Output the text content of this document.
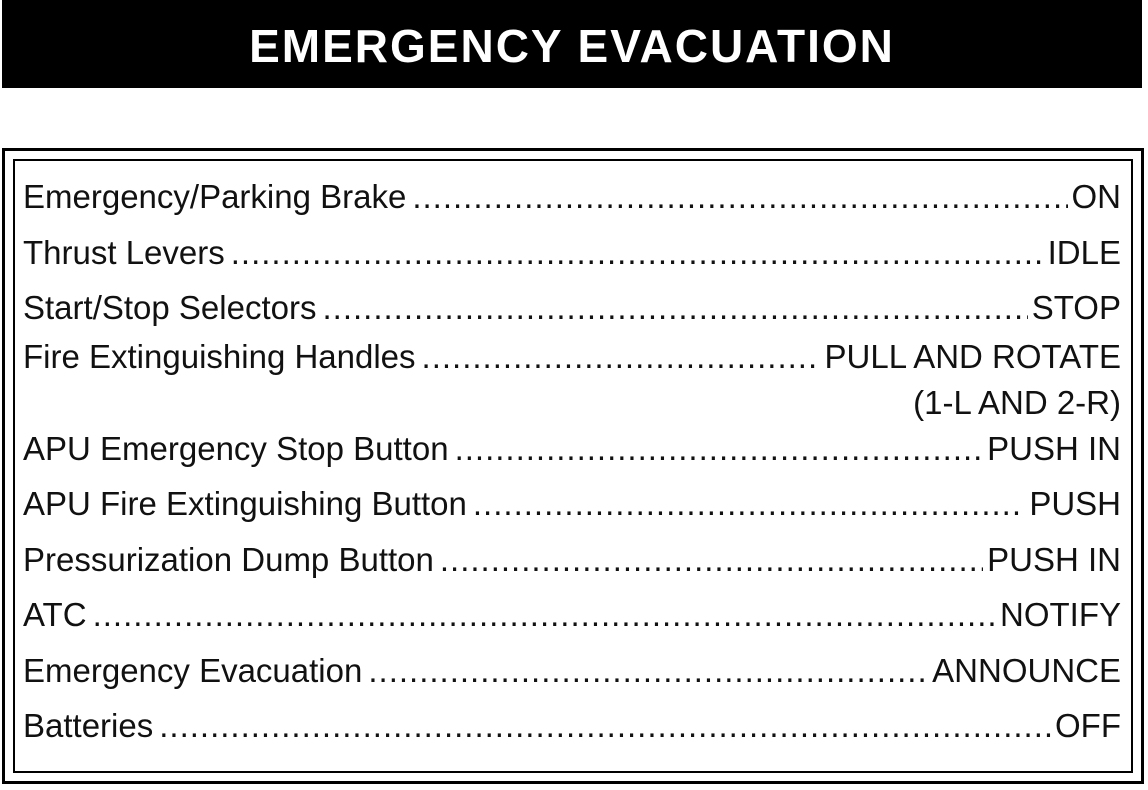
EMERGENCY EVACUATION
Emergency/Parking Brake .....	ON
Thrust Levers .....	IDLE
Start/Stop Selectors .....	STOP
Fire Extinguishing Handles .....	PULL AND ROTATE
(1-L AND 2-R)
APU Emergency Stop Button .....	PUSH IN
APU Fire Extinguishing Button .....	PUSH
Pressurization Dump Button .....	PUSH IN
ATC .....	NOTIFY
Emergency Evacuation .....	ANNOUNCE
Batteries .....	OFF
